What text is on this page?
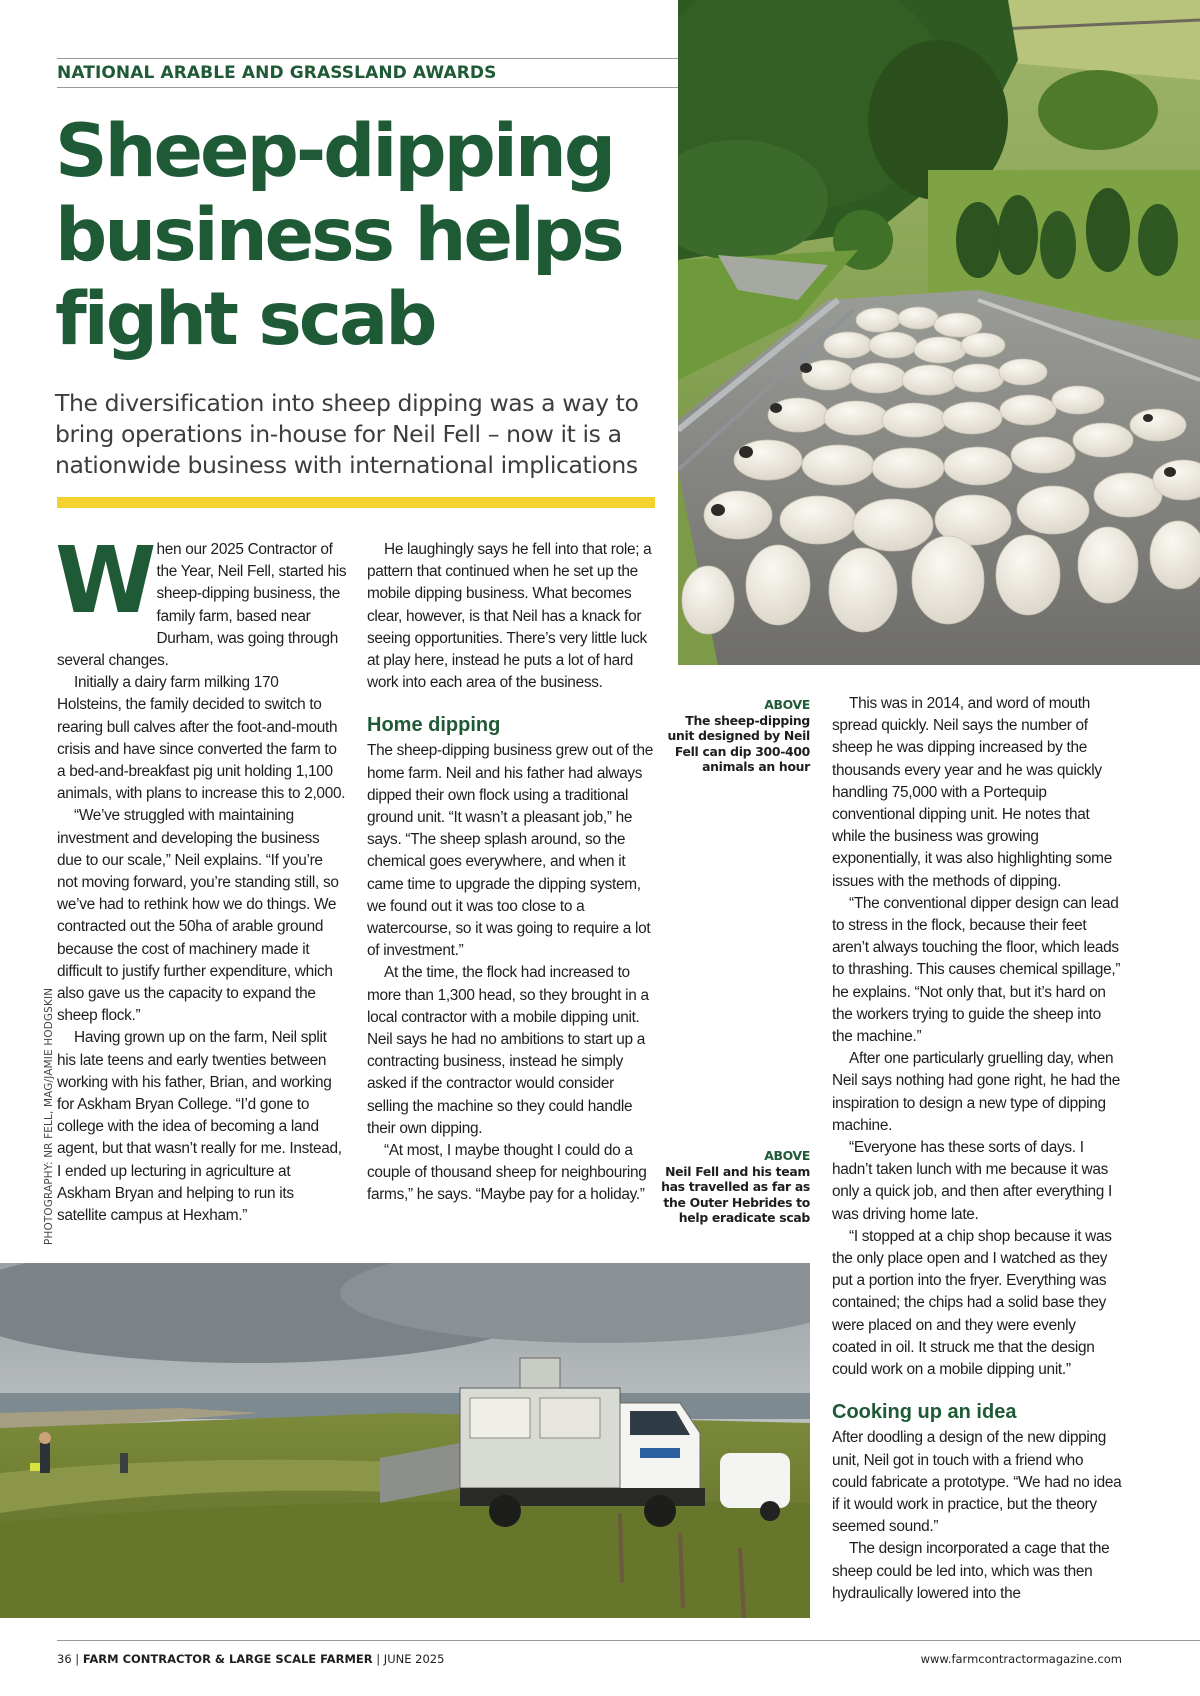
NATIONAL ARABLE AND GRASSLAND AWARDS
Sheep-dipping business helps fight scab

The diversification into sheep dipping was a way to bring operations in-house for Neil Fell – now it is a nationwide business with international implications

W hen our 2025 Contractor of the Year, Neil Fell, started his sheep-dipping business, the family farm, based near Durham, was going through several changes.

Initially a dairy farm milking 170 Holsteins, the family decided to switch to rearing bull calves after the foot-and-mouth crisis and have since converted the farm to a bed-and-breakfast pig unit holding 1,100 animals, with plans to increase this to 2,000.

“We’ve struggled with maintaining investment and developing the business due to our scale,” Neil explains. “If you’re not moving forward, you’re standing still, so we’ve had to rethink how we do things. We contracted out the 50ha of arable ground because the cost of machinery made it difficult to justify further expenditure, which also gave us the capacity to expand the sheep flock.”

Having grown up on the farm, Neil split his late teens and early twenties between working with his father, Brian, and working for Askham Bryan College. “I’d gone to college with the idea of becoming a land agent, but that wasn’t really for me. Instead, I ended up lecturing in agriculture at Askham Bryan and helping to run its satellite campus at Hexham.”

He laughingly says he fell into that role; a pattern that continued when he set up the mobile dipping business. What becomes clear, however, is that Neil has a knack for seeing opportunities. There’s very little luck at play here, instead he puts a lot of hard work into each area of the business.

Home dipping

The sheep-dipping business grew out of the home farm. Neil and his father had always dipped their own flock using a traditional ground unit. “It wasn’t a pleasant job,” he says. “The sheep splash around, so the chemical goes everywhere, and when it came time to upgrade the dipping system, we found out it was too close to a watercourse, so it was going to require a lot of investment.”

At the time, the flock had increased to more than 1,300 head, so they brought in a local contractor with a mobile dipping unit. Neil says he had no ambitions to start up a contracting business, instead he simply asked if the contractor would consider selling the machine so they could handle their own dipping.

“At most, I maybe thought I could do a couple of thousand sheep for neighbouring farms,” he says. “Maybe pay for a holiday.”

This was in 2014, and word of mouth spread quickly. Neil says the number of sheep he was dipping increased by the thousands every year and he was quickly handling 75,000 with a Portequip conventional dipping unit. He notes that while the business was growing exponentially, it was also highlighting some issues with the methods of dipping.

“The conventional dipper design can lead to stress in the flock, because their feet aren’t always touching the floor, which leads to thrashing. This causes chemical spillage,” he explains. “Not only that, but it’s hard on the workers trying to guide the sheep into the machine.”

After one particularly gruelling day, when Neil says nothing had gone right, he had the inspiration to design a new type of dipping machine.

“Everyone has these sorts of days. I hadn’t taken lunch with me because it was only a quick job, and then after everything I was driving home late.

“I stopped at a chip shop because it was the only place open and I watched as they put a portion into the fryer. Everything was contained; the chips had a solid base they were placed on and they were evenly coated in oil. It struck me that the design could work on a mobile dipping unit.”

Cooking up an idea

After doodling a design of the new dipping unit, Neil got in touch with a friend who could fabricate a prototype. “We had no idea if it would work in practice, but the theory seemed sound.”

The design incorporated a cage that the sheep could be led into, which was then hydraulically lowered into the

ABOVE
The sheep-dipping unit designed by Neil Fell can dip 300-400 animals an hour
ABOVE
Neil Fell and his team has travelled as far as the Outer Hebrides to help eradicate scab
PHOTOGRAPHY: NR FELL, MAG/JAMIE HODGSKIN
36 | FARM CONTRACTOR & LARGE SCALE FARMER | JUNE 2025	www.farmcontractormagazine.com
